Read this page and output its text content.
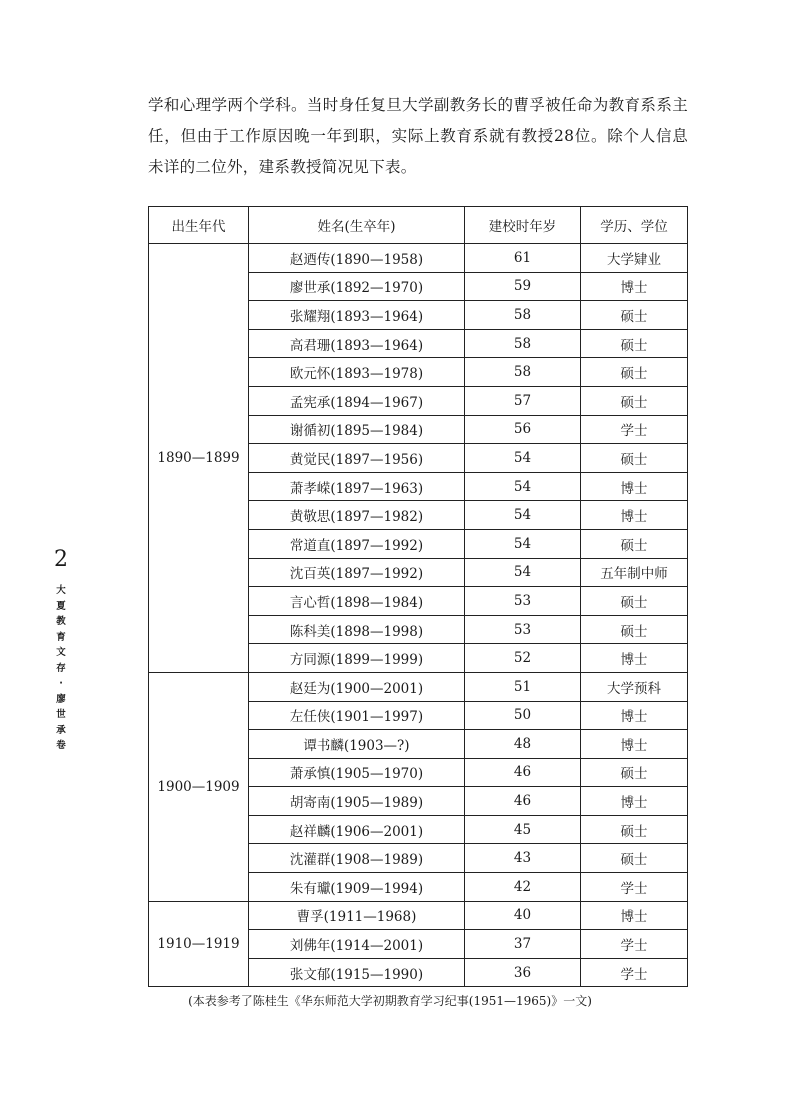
学和心理学两个学科。当时身任复旦大学副教务长的曹孚被任命为教育系系主任，但由于工作原因晚一年到职，实际上教育系就有教授28位。除个人信息未详的二位外，建系教授简况见下表。

2
大
夏
教
育
文
存
·
廖
世
承
卷
出生年代	姓名(生卒年)	建校时年岁	学历、学位
1890—1899	赵迺传(1890—1958)	61	大学肄业
	廖世承(1892—1970)	59	博士
	张耀翔(1893—1964)	58	硕士
	高君珊(1893—1964)	58	硕士
	欧元怀(1893—1978)	58	硕士
	孟宪承(1894—1967)	57	硕士
	谢循初(1895—1984)	56	学士
	黄觉民(1897—1956)	54	硕士
	萧孝嵘(1897—1963)	54	博士
	黄敬思(1897—1982)	54	博士
	常道直(1897—1992)	54	硕士
	沈百英(1897—1992)	54	五年制中师
	言心哲(1898—1984)	53	硕士
	陈科美(1898—1998)	53	硕士
	方同源(1899—1999)	52	博士
1900—1909	赵廷为(1900—2001)	51	大学预科
	左任侠(1901—1997)	50	博士
	谭书麟(1903—?)	48	博士
	萧承慎(1905—1970)	46	硕士
	胡寄南(1905—1989)	46	博士
	赵祥麟(1906—2001)	45	硕士
	沈灌群(1908—1989)	43	硕士
	朱有瓛(1909—1994)	42	学士
1910—1919	曹孚(1911—1968)	40	博士
	刘佛年(1914—2001)	37	学士
	张文郁(1915—1990)	36	学士
(本表参考了陈桂生《华东师范大学初期教育学习纪事(1951—1965)》一文)
